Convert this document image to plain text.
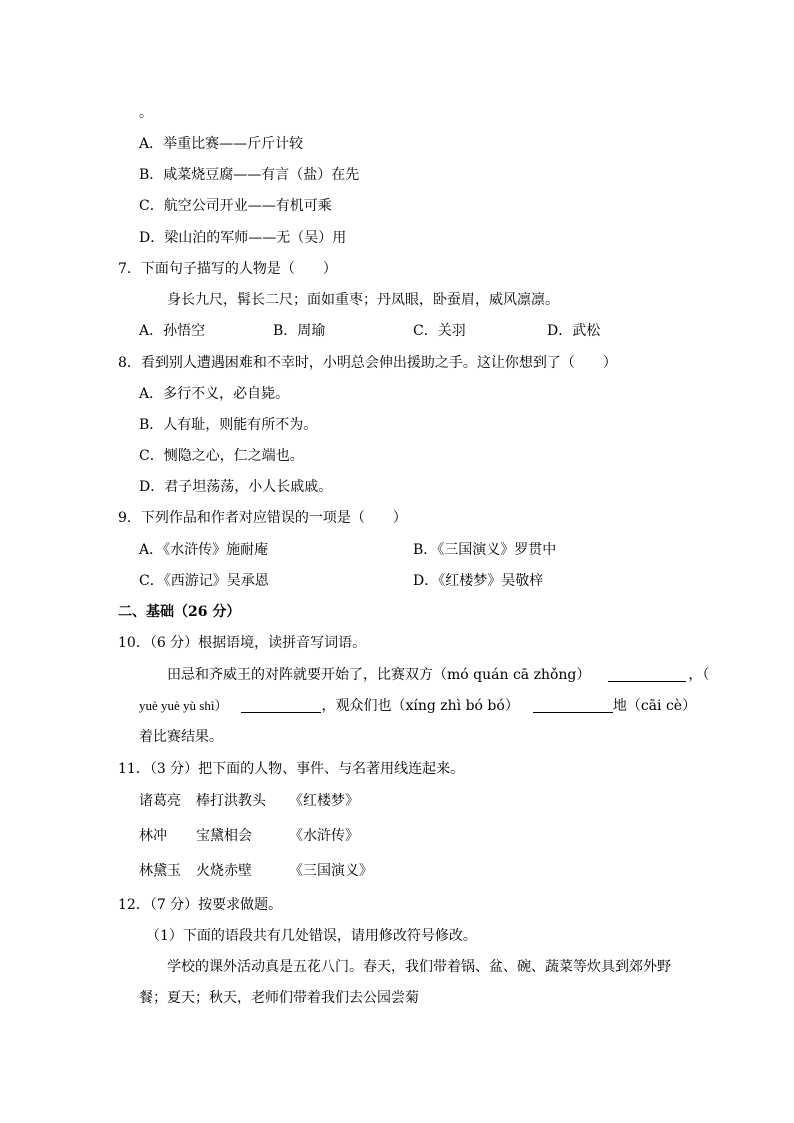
。
A．举重比赛——斤斤计较
B．咸菜烧豆腐——有言（盐）在先
C．航空公司开业——有机可乘
D．梁山泊的军师——无（吴）用
7．下面句子描写的人物是（　　）
身长九尺，髯长二尺；面如重枣；丹凤眼，卧蚕眉，威风凛凛。
A．孙悟空	B．周瑜	C．关羽	D．武松
8．看到别人遭遇困难和不幸时，小明总会伸出援助之手。这让你想到了（　　）
A．多行不义，必自毙。
B．人有耻，则能有所不为。
C．恻隐之心，仁之端也。
D．君子坦荡荡，小人长戚戚。
9．下列作品和作者对应错误的一项是（　　）
A．《水浒传》施耐庵	B．《三国演义》罗贯中
C．《西游记》吴承恩	D．《红楼梦》吴敬梓
二、基础（26 分）
10．（6 分）根据语境，读拼音写词语。
田忌和齐威王的对阵就要开始了，比赛双方（mó quán cā zhǒng）	，（
yuè yuè yù shì）	，观众们也（xíng zhì bó bó）	地（cāi cè）
着比赛结果。
11．（3 分）把下面的人物、事件、与名著用线连起来。
诸葛亮 棒打洪教头 《红楼梦》
林冲 宝黛相会	《水浒传》
林黛玉 火烧赤壁	《三国演义》
12．（7 分）按要求做题。
（1）下面的语段共有几处错误，请用修改符号修改。
学校的课外活动真是五花八门。春天，我们带着锅、盆、碗、蔬菜等炊具到郊外野
餐；夏天；秋天，老师们带着我们去公园尝菊
